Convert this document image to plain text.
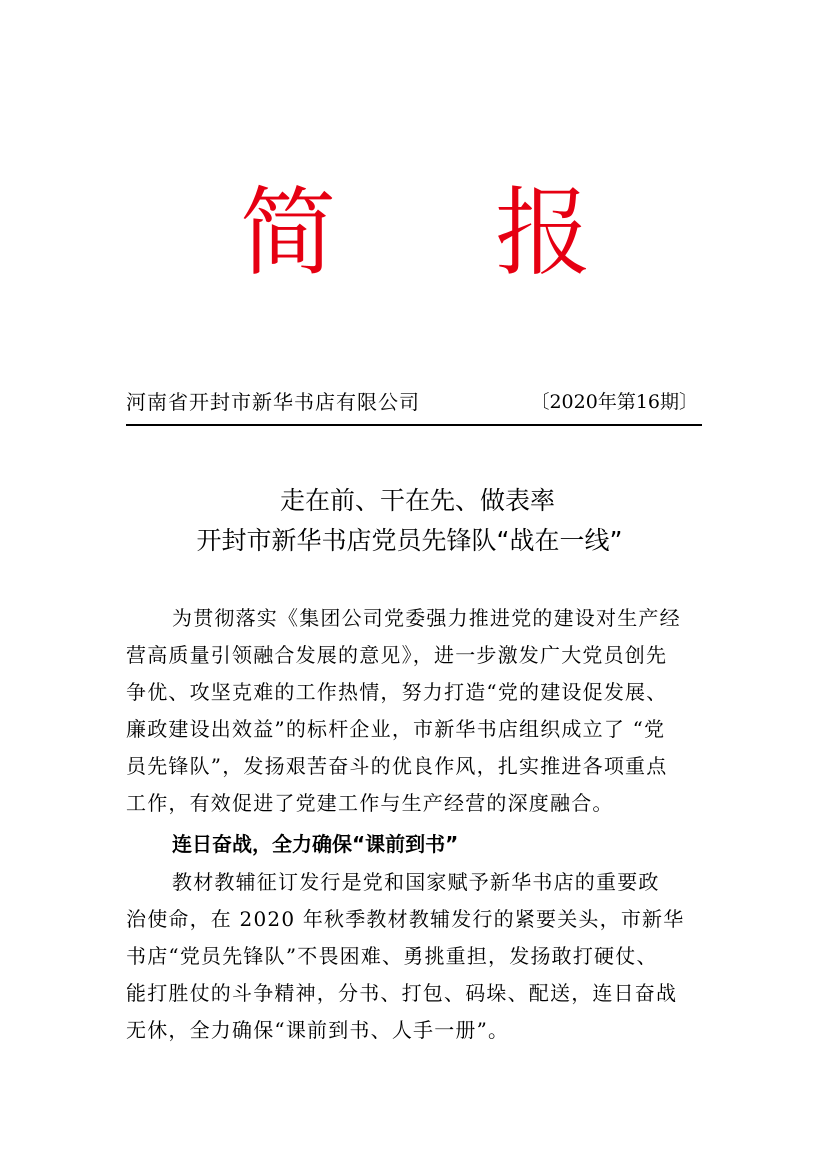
简 报
河南省开封市新华书店有限公司	〔2020年第16期〕
走在前、干在先、做表率
开封市新华书店党员先锋队“战在一线”
为贯彻落实《集团公司党委强力推进党的建设对生产经
营高质量引领融合发展的意见》，进一步激发广大党员创先
争优、攻坚克难的工作热情，努力打造“党的建设促发展、
廉政建设出效益”的标杆企业，市新华书店组织成立了 “党
员先锋队”，发扬艰苦奋斗的优良作风，扎实推进各项重点
工作，有效促进了党建工作与生产经营的深度融合。
连日奋战，全力确保“课前到书”
教材教辅征订发行是党和国家赋予新华书店的重要政
治使命，在 2020 年秋季教材教辅发行的紧要关头，市新华
书店“党员先锋队”不畏困难、勇挑重担，发扬敢打硬仗、
能打胜仗的斗争精神，分书、打包、码垛、配送，连日奋战
无休，全力确保“课前到书、人手一册”。
